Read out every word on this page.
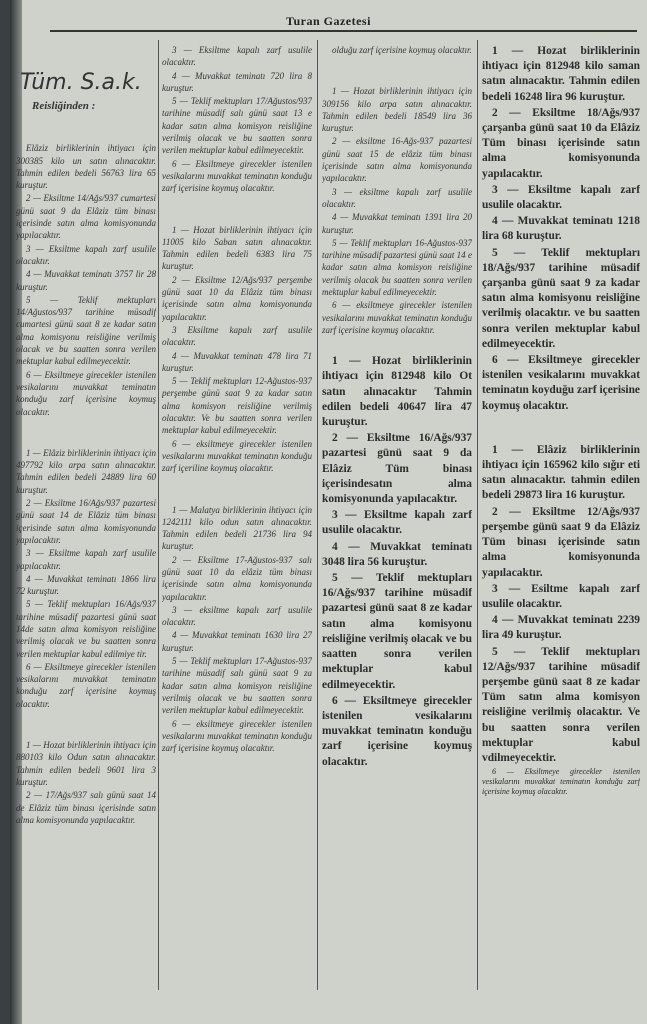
Turan Gazetesi
Tüm. S.a.k.
Reisliğinden :

Elâziz birliklerinin ihtiyacı için 300385 kilo un satın alınacaktır. Tahmin edilen bedeli 56763 lira 65 kuruştur.

2 — Eksiltme 14/Ağs/937 cumartesi günü saat 9 da Elâziz tüm binası içerisinde satın alma komisyonunda yapılacaktır.

3 — Eksiltme kapalı zarf usulile olacaktır.

4 — Muvakkat teminatı 3757 lir 28 kuruştur.

5 — Teklif mektupları 14/Ağustos/937 tarihine müsadif cumartesi günü saat 8 ze kadar satın alma komisyonu reisliğine verilmiş olacak ve bu saatten sonra verilen mektuplar kabul edilmeyecektir.

6 — Eksiltmeye girecekler istenilen vesikalarını muvakkat teminatın konduğu zarf içerisine koymuş olacaktır.

1 — Elâziz birliklerinin ihtiyacı için 497792 kilo arpa satın alınacaktır. Tahmin edilen bedeli 24889 lira 60 kuruştur.

2 — Eksiltme 16/Ağs/937 pazartesi günü saat 14 de Elâziz tüm binası içerisinde satın alma komisyonunda yapılacaktır.

3 — Eksiltme kapalı zarf usulile yapılacaktır.

4 — Muvakkat teminatı 1866 lira 72 kuruştur.

5 — Teklif mektupları 16/Ağs/937 tarihine müsadif pazartesi günü saat 14de satın alma komisyon reisliğine verilmiş olacak ve bu saatten sonra verilen mektuplar kabul edilmiye tir.

6 — Eksiltmeye girecekler istenilen vesikalarını muvakkat teminatın konduğu zarf içerisine koymuş olacaktır.

1 — Hozat birliklerinin ihtiyacı için 880103 kilo Odun satın alınacaktır. Tahmin edilen bedeli 9601 lira 3 kuruştur.

2 — 17/Ağs/937 salı günü saat 14 de Elâziz tüm binası içerisinde satın alma komisyonunda yapılacaktır.

3 — Eksiltme kapalı zarf usulile olacaktır.

4 — Muvakkat teminatı 720 lira 8 kuruştur.

5 — Teklif mektupları 17/Ağustos/937 tarihine müsadif salı günü saat 13 e kadar satın alma komisyon reisliğine verilmiş olacak ve bu saatten sonra verilen mektuplar kabul edilmeyecektir.

6 — Eksiltmeye girecekler istenilen vesikalarını muvakkat teminatın konduğu zarf içerisine koymuş olacaktır.

1 — Hozat birliklerinin ihtiyacı için 11005 kilo Saban satın alınacaktır. Tahmin edilen bedeli 6383 lira 75 kuruştur.

2 — Eksiltme 12/Ağs/937 perşembe günü saat 10 da Elâziz tüm binası içerisinde satın alma komisyonunda yapılacaktır.

3 Eksiltme kapalı zarf usulile olacaktır.

4 — Muvakkat teminatı 478 lira 71 kuruştur.

5 — Teklif mektupları 12-Ağustos-937 perşembe günü saat 9 za kadar satın alma komisyon reisliğine verilmiş olacaktır. Ve bu saatten sonra verilen mektuplar kabul edilmeyecektir.

6 — eksiltmeye girecekler istenilen vesikalarını muvakkat teminatın konduğu zarf içeriline koymuş olacaktır.

1 — Malatya birliklerinin ihtiyacı için 1242111 kilo odun satın alınacaktır. Tahmin edilen bedeli 21736 lira 94 kuruştur.

2 — Eksiltme 17-Ağustos-937 salı günü saat 10 da elâziz tüm binası içerisinde satın alma komisyonunda yapılacaktır.

3 — eksiltme kapalı zarf usulile olacaktır.

4 — Muvakkat teminatı 1630 lira 27 kuruştur.

5 — Teklif mektupları 17-Ağustos-937 tarihine müsadif salı günü saat 9 za kadar satın alma komisyon reisliğine verilmiş olacak ve bu saatten sonra verilen mektuplar kabul edilmeyecektir.

6 — eksiltmeye girecekler istenilen vesikalarını muvakkat teminatın konduğu zarf içerisine koymuş olacaktır.

olduğu zarf içerisine koymuş olacaktır.

1 — Hozat birliklerinin ihtiyacı için 309156 kilo arpa satın alınacaktır. Tahmin edilen bedeli 18549 lira 36 kuruştur.

2 — eksiltme 16-Ağs-937 pazartesi günü saat 15 de elâziz tüm binası içerisinde satın alma komisyonunda yapılacaktır.

3 — eksiltme kapalı zarf usulile olacaktır.

4 — Muvakkat teminatı 1391 lira 20 kuruştur.

5 — Teklif mektupları 16-Ağustos-937 tarihine müsadif pazartesi günü saat 14 e kadar satın alma komisyon reisliğine verilmiş olacak bu saatten sonra verilen mektuplar kabul edilmeyecektir.

6 — eksiltmeye girecekler istenilen vesikalarını muvakkat teminatın konduğu zarf içerisine koymuş olacaktır.

1 — Hozat birliklerinin ihtiyacı için 812948 kilo Ot satın alınacaktır Tahmin edilen bedeli 40647 lira 47 kuruştur.

2 — Eksiltme 16/Ağs/937 pazartesi günü saat 9 da Elâziz Tüm binası içerisindesatın alma komisyonunda yapılacaktır.

3 — Eksiltme kapalı zarf usulile olacaktır.

4 — Muvakkat teminatı 3048 lira 56 kuruştur.

5 — Teklif mektupları 16/Ağs/937 tarihine müsadif pazartesi günü saat 8 ze kadar satın alma komisyonu reisliğine verilmiş olacak ve bu saatten sonra verilen mektuplar kabul edilmeyecektir.

6 — Eksiltmeye girecekler istenilen vesikalarını muvakkat teminatın konduğu zarf içerisine koymuş olacaktır.

1 — Hozat birliklerinin ihtiyacı için 812948 kilo saman satın alınacaktır. Tahmin edilen bedeli 16248 lira 96 kuruştur.

2 — Eksiltme 18/Ağs/937 çarşanba günü saat 10 da Elâziz Tüm binası içerisinde satın alma komisyonunda yapılacaktır.

3 — Eksiltme kapalı zarf usulile olacaktır.

4 — Muvakkat teminatı 1218 lira 68 kuruştur.

5 — Teklif mektupları 18/Ağs/937 tarihine müsadif çarşanba günü saat 9 za kadar satın alma komisyonu reisliğine verilmiş olacaktır. ve bu saatten sonra verilen mektuplar kabul edilmeyecektir.

6 — Eksiltmeye girecekler istenilen vesikalarını muvakkat teminatın koyduğu zarf içerisine koymuş olacaktır.

1 — Elâziz birliklerinin ihtiyacı için 165962 kilo sığır eti satın alınacaktır. tahmin edilen bedeli 29873 lira 16 kuruştur.

2 — Eksiltme 12/Ağs/937 perşembe günü saat 9 da Elâziz Tüm binası içerisinde satın alma komisyonunda yapılacaktır.

3 — Esiltme kapalı zarf usulile olacaktır.

4 — Muvakkat teminatı 2239 lira 49 kuruştur.

5 — Teklif mektupları 12/Ağs/937 tarihine müsadif perşembe günü saat 8 ze kadar Tüm satın alma komisyon reisliğine verilmiş olacaktır. Ve bu saatten sonra verilen mektuplar kabul vdilmeyecektir.

6 — Eksiltmeye girecekler istenilen vesikalarını muvakkat teminatın konduğu zarf içerisine koymuş olacaktır.
